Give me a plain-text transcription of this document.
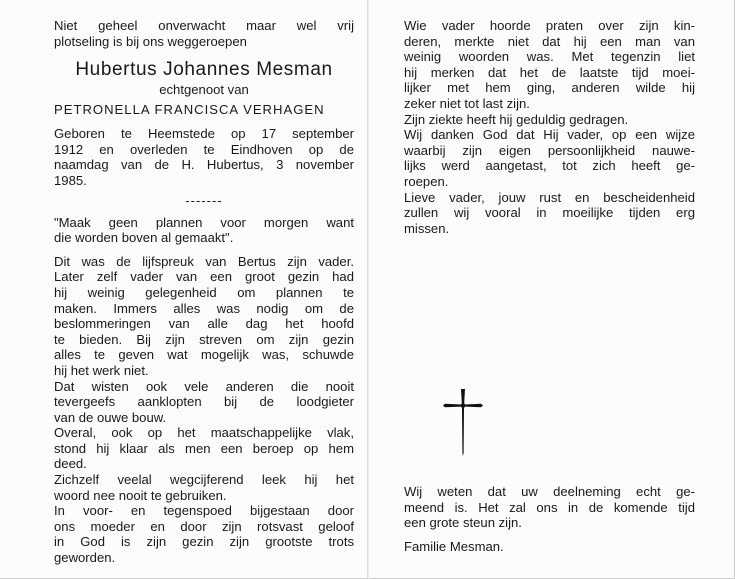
Niet geheel onverwacht maar wel vrij
plotseling is bij ons weggeroepen

Hubertus Johannes Mesman
echtgenoot van
PETRONELLA FRANCISCA VERHAGEN

Geboren te Heemstede op 17 september
1912 en overleden te Eindhoven op de
naamdag van de H. Hubertus, 3 november
1985.

-------

"Maak geen plannen voor morgen want
die worden boven al gemaakt".

Dit was de lijfspreuk van Bertus zijn vader.
Later zelf vader van een groot gezin had
hij weinig gelegenheid om plannen te
maken. Immers alles was nodig om de
beslommeringen van alle dag het hoofd
te bieden. Bij zijn streven om zijn gezin
alles te geven wat mogelijk was, schuwde
hij het werk niet.

Dat wisten ook vele anderen die nooit
tevergeefs aanklopten bij de loodgieter
van de ouwe bouw.

Overal, ook op het maatschappelijke vlak,
stond hij klaar als men een beroep op hem
deed.

Zichzelf veelal wegcijferend leek hij het
woord nee nooit te gebruiken.

In voor- en tegenspoed bijgestaan door
ons moeder en door zijn rotsvast geloof
in God is zijn gezin zijn grootste trots
geworden.

Wie vader hoorde praten over zijn kin-
deren, merkte niet dat hij een man van
weinig woorden was. Met tegenzin liet
hij merken dat het de laatste tijd moei-
lijker met hem ging, anderen wilde hij
zeker niet tot last zijn.

Zijn ziekte heeft hij geduldig gedragen.

Wij danken God dat Hij vader, op een wijze
waarbij zijn eigen persoonlijkheid nauwe-
lijks werd aangetast, tot zich heeft ge-
roepen.

Lieve vader, jouw rust en bescheidenheid
zullen wij vooral in moeilijke tijden erg
missen.

Wij weten dat uw deelneming echt ge-
meend is. Het zal ons in de komende tijd
een grote steun zijn.

Familie Mesman.
